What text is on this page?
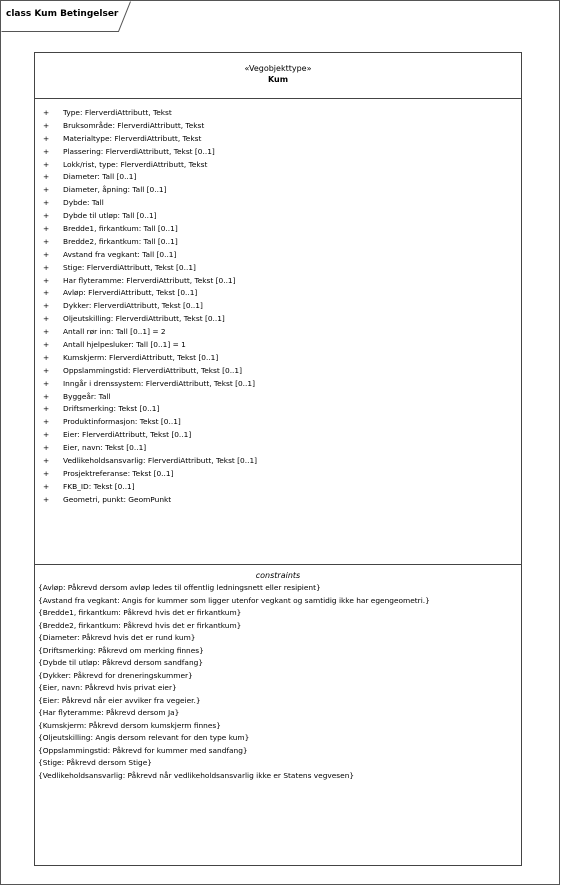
class Kum Betingelser
«Vegobjekttype»
Kum
+ Type: FlerverdiAttributt, Tekst
+ Bruksområde: FlerverdiAttributt, Tekst
+ Materialtype: FlerverdiAttributt, Tekst
+ Plassering: FlerverdiAttributt, Tekst [0..1]
+ Lokk/rist, type: FlerverdiAttributt, Tekst
+ Diameter: Tall [0..1]
+ Diameter, åpning: Tall [0..1]
+ Dybde: Tall
+ Dybde til utløp: Tall [0..1]
+ Bredde1, firkantkum: Tall [0..1]
+ Bredde2, firkantkum: Tall [0..1]
+ Avstand fra vegkant: Tall [0..1]
+ Stige: FlerverdiAttributt, Tekst [0..1]
+ Har flyteramme: FlerverdiAttributt, Tekst [0..1]
+ Avløp: FlerverdiAttributt, Tekst [0..1]
+ Dykker: FlerverdiAttributt, Tekst [0..1]
+ Oljeutskilling: FlerverdiAttributt, Tekst [0..1]
+ Antall rør inn: Tall [0..1] = 2
+ Antall hjelpesluker: Tall [0..1] = 1
+ Kumskjerm: FlerverdiAttributt, Tekst [0..1]
+ Oppslammingstid: FlerverdiAttributt, Tekst [0..1]
+ Inngår i drenssystem: FlerverdiAttributt, Tekst [0..1]
+ Byggeår: Tall
+ Driftsmerking: Tekst [0..1]
+ Produktinformasjon: Tekst [0..1]
+ Eier: FlerverdiAttributt, Tekst [0..1]
+ Eier, navn: Tekst [0..1]
+ Vedlikeholdsansvarlig: FlerverdiAttributt, Tekst [0..1]
+ Prosjektreferanse: Tekst [0..1]
+ FKB_ID: Tekst [0..1]
+ Geometri, punkt: GeomPunkt
constraints
{Avløp: Påkrevd dersom avløp ledes til offentlig ledningsnett eller resipient}
{Avstand fra vegkant: Angis for kummer som ligger utenfor vegkant og samtidig ikke har egengeometri.}
{Bredde1, firkantkum: Påkrevd hvis det er firkantkum}
{Bredde2, firkantkum: Påkrevd hvis det er firkantkum}
{Diameter: Påkrevd hvis det er rund kum}
{Driftsmerking: Påkrevd om merking finnes}
{Dybde til utløp: Påkrevd dersom sandfang}
{Dykker: Påkrevd for dreneringskummer}
{Eier, navn: Påkrevd hvis privat eier}
{Eier: Påkrevd når eier avviker fra vegeier.}
{Har flyteramme: Påkrevd dersom Ja}
{Kumskjerm: Påkrevd dersom kumskjerm finnes}
{Oljeutskilling: Angis dersom relevant for den type kum}
{Oppslammingstid: Påkrevd for kummer med sandfang}
{Stige: Påkrevd dersom Stige}
{Vedlikeholdsansvarlig: Påkrevd når vedlikeholdsansvarlig ikke er Statens vegvesen}
